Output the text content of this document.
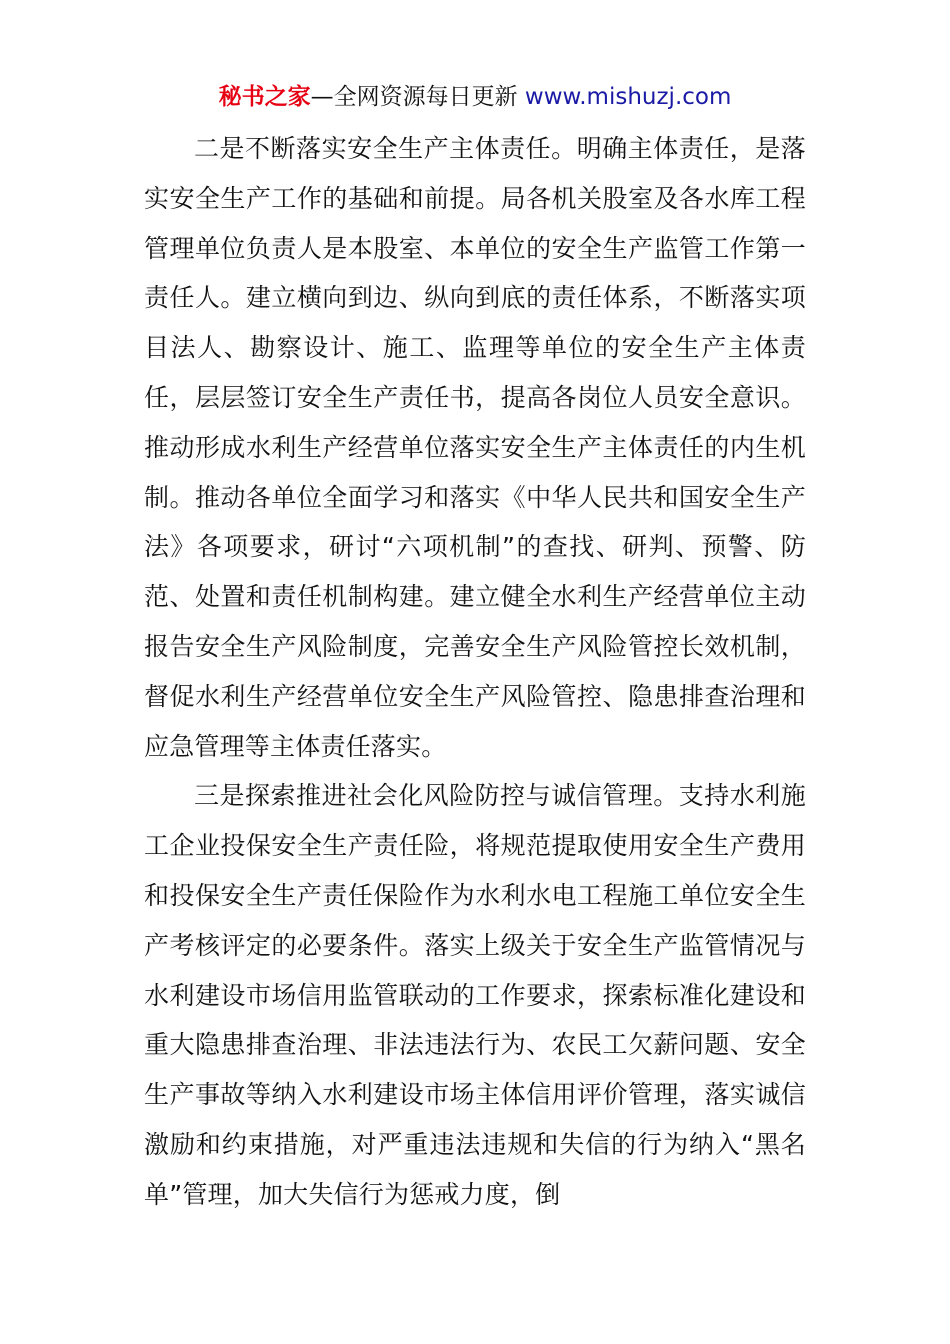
秘书之家—全网资源每日更新 www.mishuzj.com

二是不断落实安全生产主体责任。明确主体责任，是落实安全生产工作的基础和前提。局各机关股室及各水库工程管理单位负责人是本股室、本单位的安全生产监管工作第一责任人。建立横向到边、纵向到底的责任体系，不断落实项目法人、勘察设计、施工、监理等单位的安全生产主体责任，层层签订安全生产责任书，提高各岗位人员安全意识。推动形成水利生产经营单位落实安全生产主体责任的内生机制。推动各单位全面学习和落实《中华人民共和国安全生产法》各项要求，研讨“六项机制”的查找、研判、预警、防范、处置和责任机制构建。建立健全水利生产经营单位主动报告安全生产风险制度，完善安全生产风险管控长效机制，督促水利生产经营单位安全生产风险管控、隐患排查治理和应急管理等主体责任落实。

三是探索推进社会化风险防控与诚信管理。支持水利施工企业投保安全生产责任险，将规范提取使用安全生产费用和投保安全生产责任保险作为水利水电工程施工单位安全生产考核评定的必要条件。落实上级关于安全生产监管情况与水利建设市场信用监管联动的工作要求，探索标准化建设和重大隐患排查治理、非法违法行为、农民工欠薪问题、安全生产事故等纳入水利建设市场主体信用评价管理，落实诚信激励和约束措施，对严重违法违规和失信的行为纳入“黑名单”管理，加大失信行为惩戒力度，倒
